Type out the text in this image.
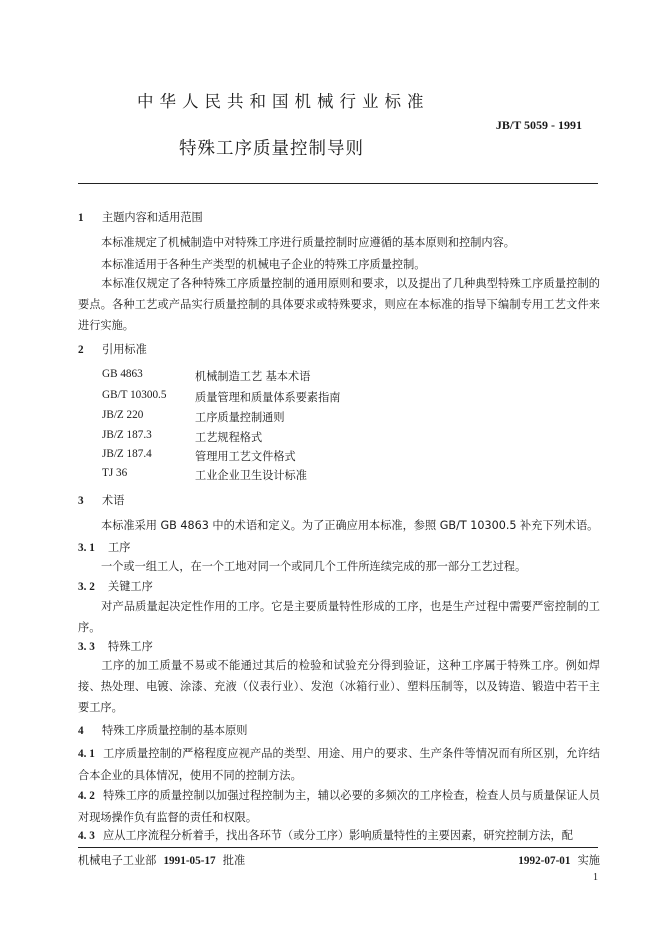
中华人民共和国机械行业标准
JB/T 5059 - 1991
特殊工序质量控制导则
1 主题内容和适用范围
本标准规定了机械制造中对特殊工序进行质量控制时应遵循的基本原则和控制内容。
本标准适用于各种生产类型的机械电子企业的特殊工序质量控制。
本标准仅规定了各种特殊工序质量控制的通用原则和要求，以及提出了几种典型特殊工序质量控制的要点。各种工艺或产品实行质量控制的具体要求或特殊要求，则应在本标准的指导下编制专用工艺文件来进行实施。
2 引用标准
GB 4863	机械制造工艺 基本术语
GB/T 10300.5	质量管理和质量体系要素指南
JB/Z 220	工序质量控制通则
JB/Z 187.3	工艺规程格式
JB/Z 187.4	管理用工艺文件格式
TJ 36	工业企业卫生设计标准
3 术语
本标准采用 GB 4863 中的术语和定义。为了正确应用本标准，参照 GB/T 10300.5 补充下列术语。
3. 1 工序
一个或一组工人，在一个工地对同一个或同几个工件所连续完成的那一部分工艺过程。
3. 2 关键工序
对产品质量起决定性作用的工序。它是主要质量特性形成的工序，也是生产过程中需要严密控制的工序。
3. 3 特殊工序
工序的加工质量不易或不能通过其后的检验和试验充分得到验证，这种工序属于特殊工序。例如焊接、热处理、电镀、涂漆、充液（仪表行业）、发泡（冰箱行业）、塑料压制等，以及铸造、锻造中若干主要工序。
4 特殊工序质量控制的基本原则
4. 1 工序质量控制的严格程度应视产品的类型、用途、用户的要求、生产条件等情况而有所区别，允许结合本企业的具体情况，使用不同的控制方法。
4. 2 特殊工序的质量控制以加强过程控制为主，辅以必要的多频次的工序检查，检查人员与质量保证人员对现场操作负有监督的责任和权限。
4. 3 应从工序流程分析着手，找出各环节（或分工序）影响质量特性的主要因素，研究控制方法，配
机械电子工业部 1991-05-17 批准	1992-07-01 实施
1
